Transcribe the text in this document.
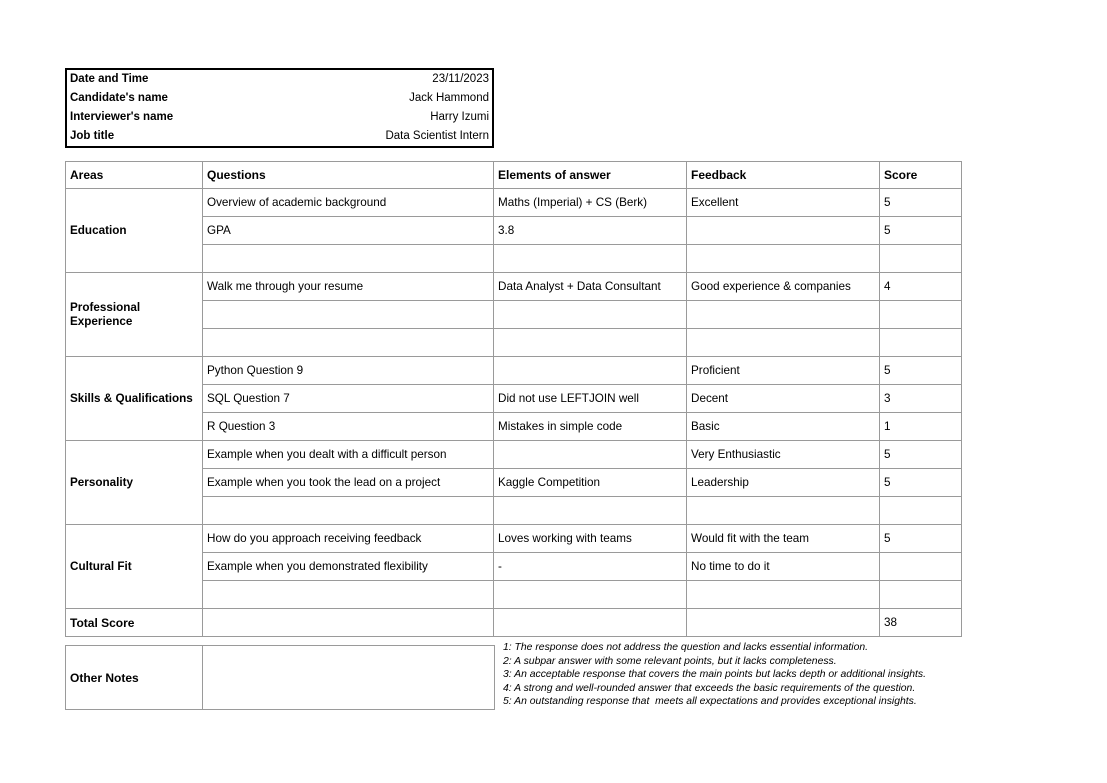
Date and Time	23/11/2023
Candidate's name	Jack Hammond
Interviewer's name	Harry Izumi
Job title	Data Scientist Intern
Areas	Questions	Elements of answer	Feedback	Score
Education	Overview of academic background	Maths (Imperial) + CS (Berk)	Excellent	5
	GPA	3.8		5

Professional Experience	Walk me through your resume	Data Analyst + Data Consultant	Good experience & companies	4

Skills & Qualifications	Python Question 9		Proficient	5
	SQL Question 7	Did not use LEFTJOIN well	Decent	3
	R Question 3	Mistakes in simple code	Basic	1
Personality	Example when you dealt with a difficult person		Very Enthusiastic	5
	Example when you took the lead on a project	Kaggle Competition	Leadership	5

Cultural Fit	How do you approach receiving feedback	Loves working with teams	Would fit with the team	5
	Example when you demonstrated flexibility	-	No time to do it	

Total Score				38
Other Notes	
1: The response does not address the question and lacks essential information.
2: A subpar answer with some relevant points, but it lacks completeness.
3: An acceptable response that covers the main points but lacks depth or additional insights.
4: A strong and well-rounded answer that exceeds the basic requirements of the question.
5: An outstanding response that  meets all expectations and provides exceptional insights.
